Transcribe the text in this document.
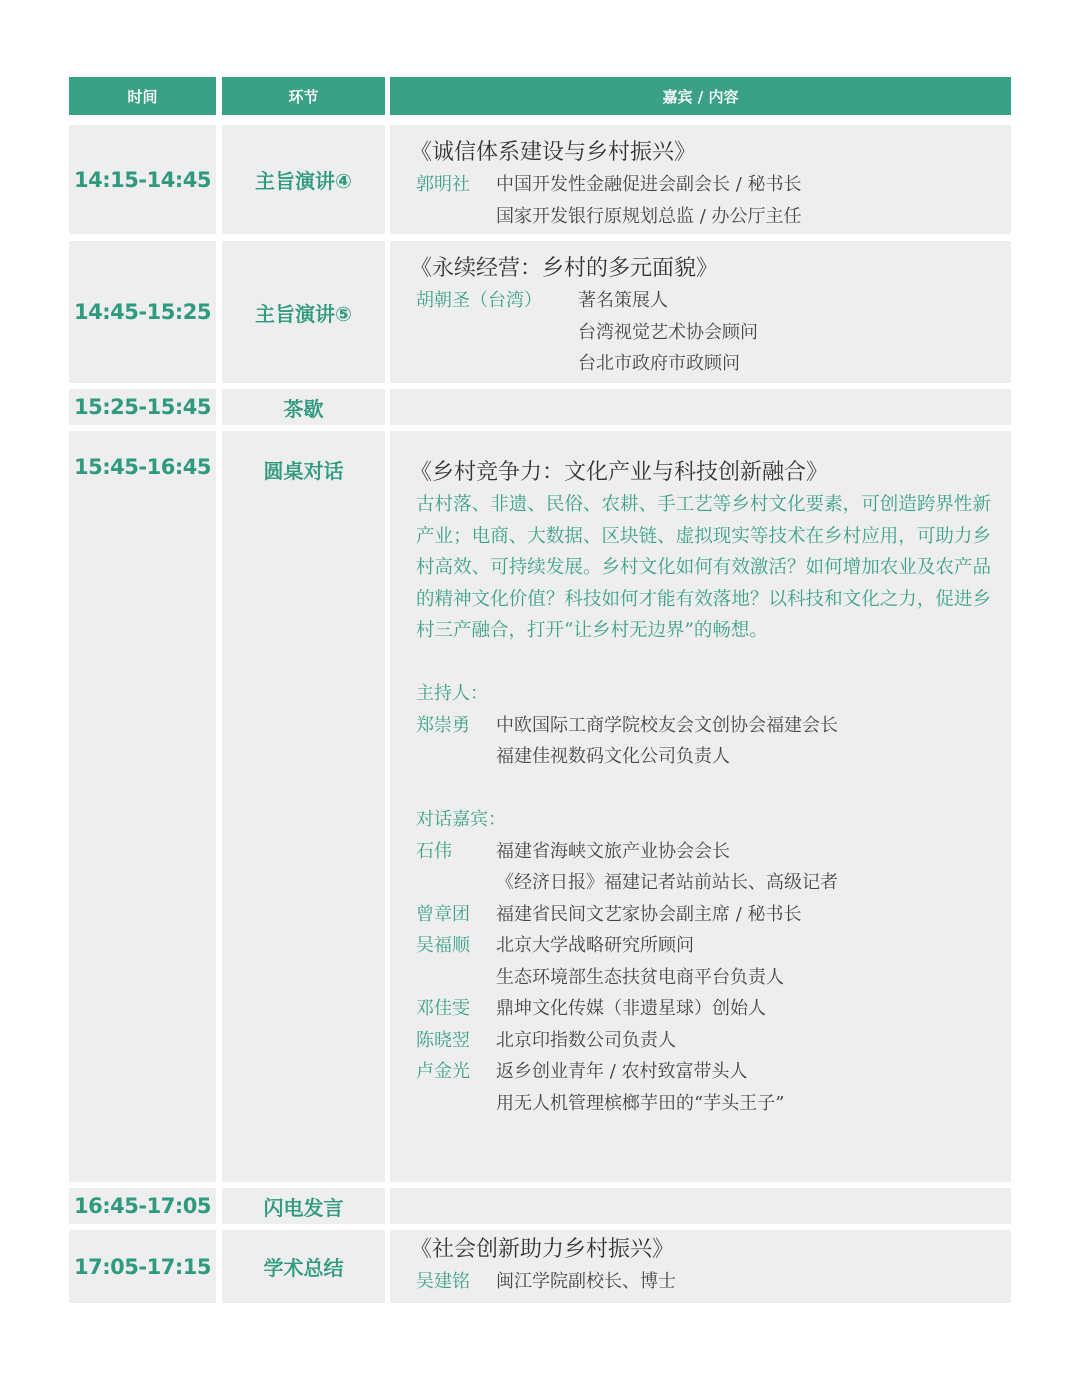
时间	环节	嘉宾 / 内容
14:15-14:45	主旨演讲④
《诚信体系建设与乡村振兴》
郭明社	中国开发性金融促进会副会长 / 秘书长
国家开发银行原规划总监 / 办公厅主任
14:45-15:25	主旨演讲⑤
《永续经营：乡村的多元面貌》
胡朝圣（台湾）	著名策展人
台湾视觉艺术协会顾问
台北市政府市政顾问
15:25-15:45	茶歇
15:45-16:45	圆桌对话	《乡村竞争力：文化产业与科技创新融合》
古村落、非遗、民俗、农耕、手工艺等乡村文化要素，可创造跨界性新产业；电商、大数据、区块链、虚拟现实等技术在乡村应用，可助力乡村高效、可持续发展。乡村文化如何有效激活？如何增加农业及农产品的精神文化价值？科技如何才能有效落地？以科技和文化之力，促进乡村三产融合，打开“让乡村无边界”的畅想。
主持人：
郑崇勇	中欧国际工商学院校友会文创协会福建会长
福建佳视数码文化公司负责人
对话嘉宾：
石伟	福建省海峡文旅产业协会会长
《经济日报》福建记者站前站长、高级记者
曾章团	福建省民间文艺家协会副主席 / 秘书长
吴福顺	北京大学战略研究所顾问
生态环境部生态扶贫电商平台负责人
邓佳雯	鼎坤文化传媒（非遗星球）创始人
陈晓翌	北京印指数公司负责人
卢金光	返乡创业青年 / 农村致富带头人
用无人机管理槟榔芋田的“芋头王子”
16:45-17:05	闪电发言
17:05-17:15	学术总结
《社会创新助力乡村振兴》
吴建铭	闽江学院副校长、博士
